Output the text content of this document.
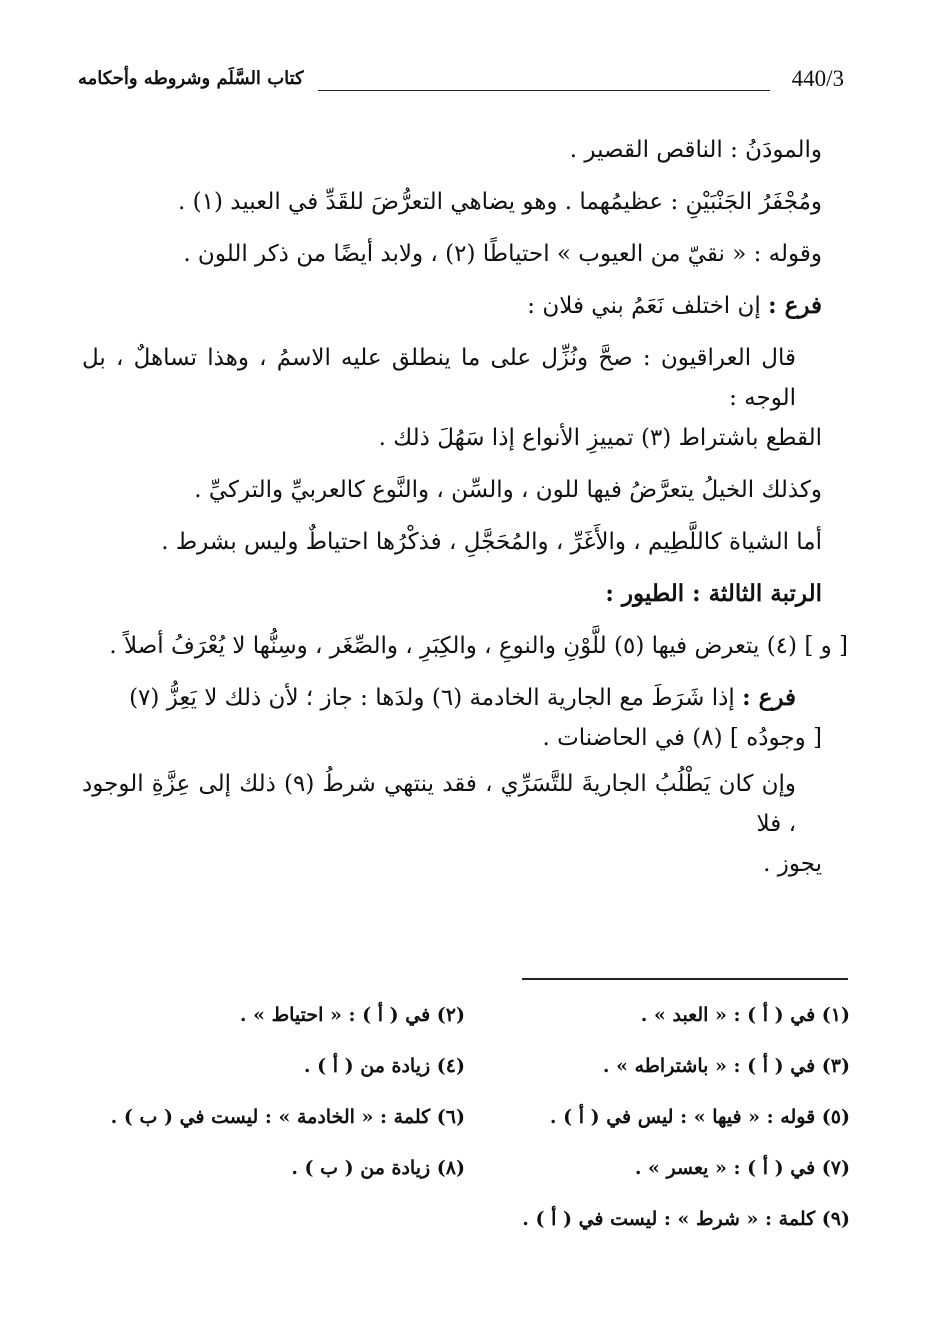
440/3
كتاب السَّلَم وشروطه وأحكامه

والمودَنُ : الناقص القصير .

ومُجْفَرُ الجَنْبَيْنِ : عظيمُهما . وهو يضاهي التعرُّضَ للقَدِّ في العبيد (١) .

وقوله : « نقيّ من العيوب » احتياطًا (٢) ، ولابد أيضًا من ذكر اللون .

فرع : إن اختلف نَعَمُ بني فلان :

قال العراقيون : صحَّ ونُزِّل على ما ينطلق عليه الاسمُ ، وهذا تساهلٌ ، بل الوجه :
القطع باشتراط (٣) تمييزِ الأنواع إذا سَهُلَ ذلك .

وكذلك الخيلُ يتعرَّضُ فيها للون ، والسِّن ، والنَّوع كالعربيِّ والتركيِّ .

أما الشياة كاللَّطِيم ، والأَغَرِّ ، والمُحَجَّلِ ، فذكْرُها احتياطٌ وليس بشرط .

الرتبة الثالثة : الطيور :

[ و ] (٤) يتعرض فيها (٥) للَّوْنِ والنوعِ ، والكِبَرِ ، والصِّغَر ، وسِنُّها لا يُعْرَفُ أصلاً .

فرع : إذا شَرَطَ مع الجارية الخادمة (٦) ولدَها : جاز ؛ لأن ذلك لا يَعِزُّ (٧)
[ وجودُه ] (٨) في الحاضنات .

وإن كان يَطْلُبُ الجاريةَ للتَّسَرِّي ، فقد ينتهي شرطُ (٩) ذلك إلى عِزَّةِ الوجود ، فلا
يجوز .

(١) في ( أ ) : « العبد » .
(٢) في ( أ ) : « احتياط » .
(٣) في ( أ ) : « باشتراطه » .
(٤) زيادة من ( أ ) .
(٥) قوله : « فيها » : ليس في ( أ ) .
(٦) كلمة : « الخادمة » : ليست في ( ب ) .
(٧) في ( أ ) : « يعسر » .
(٨) زيادة من ( ب ) .
(٩) كلمة : « شرط » : ليست في ( أ ) .
